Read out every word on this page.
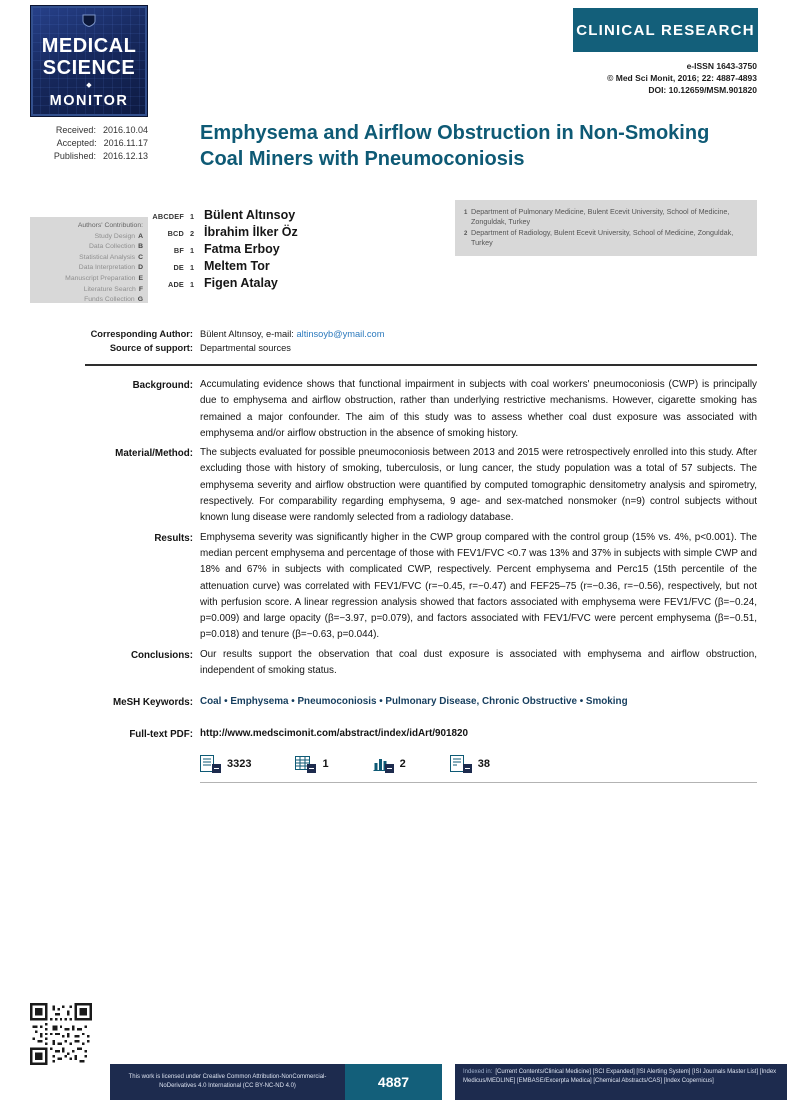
MEDICAL
SCIENCE
◆
MONITOR
CLINICAL RESEARCH
e-ISSN 1643-3750
© Med Sci Monit, 2016; 22: 4887-4893
DOI: 10.12659/MSM.901820
Received: 2016.10.04
Accepted: 2016.11.17
Published: 2016.12.13
Emphysema and Airflow Obstruction in Non-Smoking Coal Miners with Pneumoconiosis
Authors' Contribution:
Study Design A
Data Collection B
Statistical Analysis C
Data Interpretation D
Manuscript Preparation E
Literature Search F
Funds Collection G
ABCDEF 1 Bülent Altınsoy
BCD 2 İbrahim İlker Öz
BF 1 Fatma Erboy
DE 1 Meltem Tor
ADE 1 Figen Atalay
1 Department of Pulmonary Medicine, Bulent Ecevit University, School of Medicine, Zonguldak, Turkey
2 Department of Radiology, Bulent Ecevit University, School of Medicine, Zonguldak, Turkey
Corresponding Author: Bülent Altınsoy, e-mail: altinsoyb@ymail.com
Source of support: Departmental sources
Background: Accumulating evidence shows that functional impairment in subjects with coal workers' pneumoconiosis (CWP) is principally due to emphysema and airflow obstruction, rather than underlying restrictive mechanisms. However, cigarette smoking has remained a major confounder. The aim of this study was to assess whether coal dust exposure was associated with emphysema and/or airflow obstruction in the absence of smoking history.
Material/Method: The subjects evaluated for possible pneumoconiosis between 2013 and 2015 were retrospectively enrolled into this study. After excluding those with history of smoking, tuberculosis, or lung cancer, the study population was a total of 57 subjects. The emphysema severity and airflow obstruction were quantified by computed tomographic densitometry analysis and spirometry, respectively. For comparability regarding emphysema, 9 age- and sex-matched nonsmoker (n=9) control subjects without known lung disease were randomly selected from a radiology database.
Results: Emphysema severity was significantly higher in the CWP group compared with the control group (15% vs. 4%, p<0.001). The median percent emphysema and percentage of those with FEV1/FVC <0.7 was 13% and 37% in subjects with simple CWP and 18% and 67% in subjects with complicated CWP, respectively. Percent emphysema and Perc15 (15th percentile of the attenuation curve) was correlated with FEV1/FVC (r=−0.45, r=−0.47) and FEF25–75 (r=−0.36, r=−0.56), respectively, but not with perfusion score. A linear regression analysis showed that factors associated with emphysema were FEV1/FVC (β=−0.24, p=0.009) and large opacity (β=−3.97, p=0.079), and factors associated with FEV1/FVC were percent emphysema (β=−0.51, p=0.018) and tenure (β=−0.63, p=0.044).
Conclusions: Our results support the observation that coal dust exposure is associated with emphysema and airflow obstruction, independent of smoking status.
MeSH Keywords: Coal • Emphysema • Pneumoconiosis • Pulmonary Disease, Chronic Obstructive • Smoking
Full-text PDF: http://www.medscimonit.com/abstract/index/idArt/901820
3323	1	2	38
This work is licensed under Creative Common Attribution-NonCommercial-NoDerivatives 4.0 International (CC BY-NC-ND 4.0)	4887
Indexed in: [Current Contents/Clinical Medicine] [SCI Expanded] [ISI Alerting System] [ISI Journals Master List] [Index Medicus/MEDLINE] [EMBASE/Excerpta Medica] [Chemical Abstracts/CAS] [Index Copernicus]
